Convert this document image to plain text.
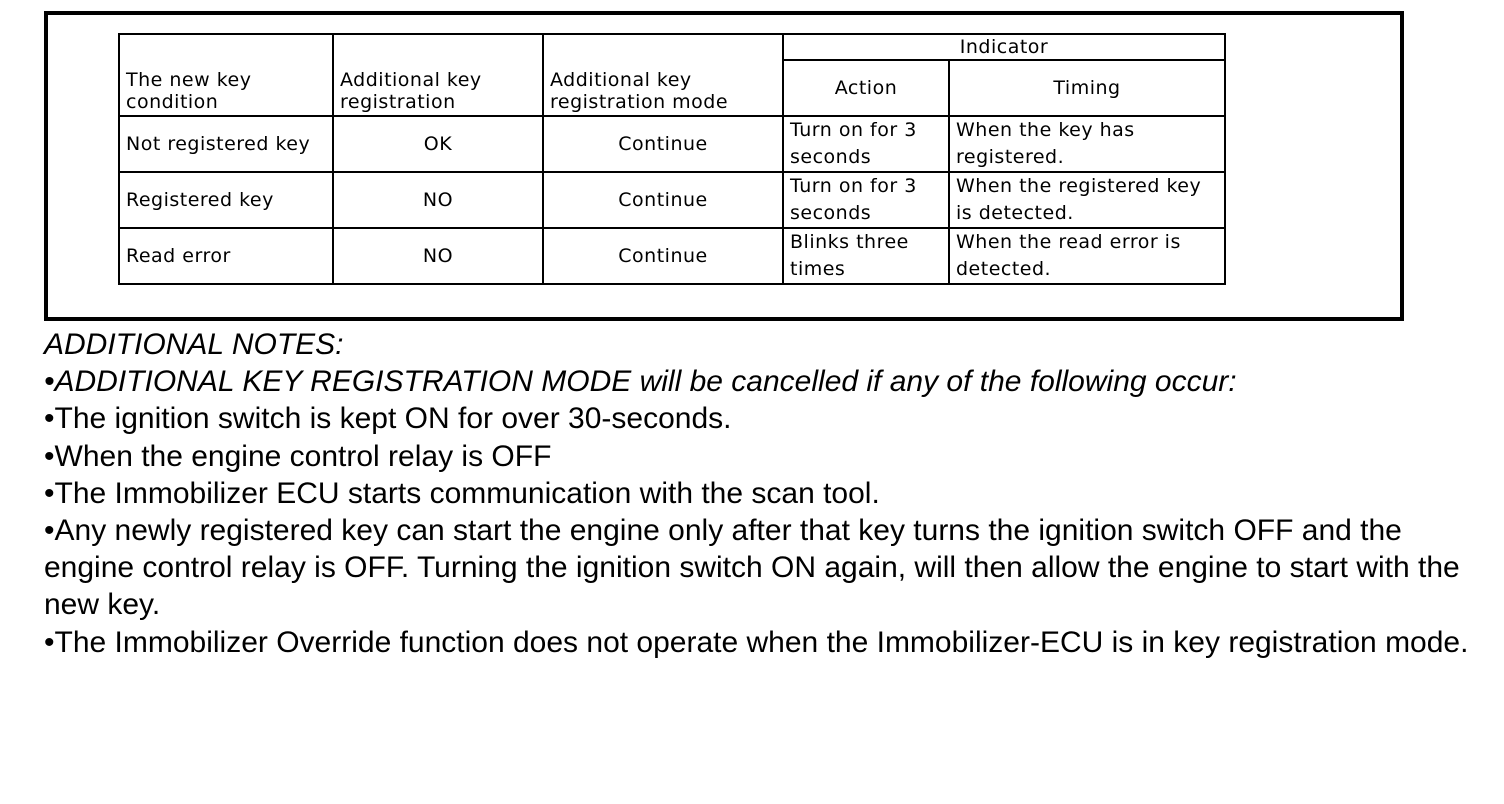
The new key condition	Additional key registration	Additional key registration mode	Indicator	
			Action	Timing
Not registered key	OK	Continue	Turn on for 3 seconds	When the key has registered.
Registered key	NO	Continue	Turn on for 3 seconds	When the registered key is detected.
Read error	NO	Continue	Blinks three times	When the read error is detected.

ADDITIONAL NOTES:

•ADDITIONAL KEY REGISTRATION MODE will be cancelled if any of the following occur:

•The ignition switch is kept ON for over 30-seconds.

•When the engine control relay is OFF

•The Immobilizer ECU starts communication with the scan tool.

•Any newly registered key can start the engine only after that key turns the ignition switch OFF and the engine control relay is OFF. Turning the ignition switch ON again, will then allow the engine to start with the new key.

•The Immobilizer Override function does not operate when the Immobilizer-ECU is in key registration mode.
